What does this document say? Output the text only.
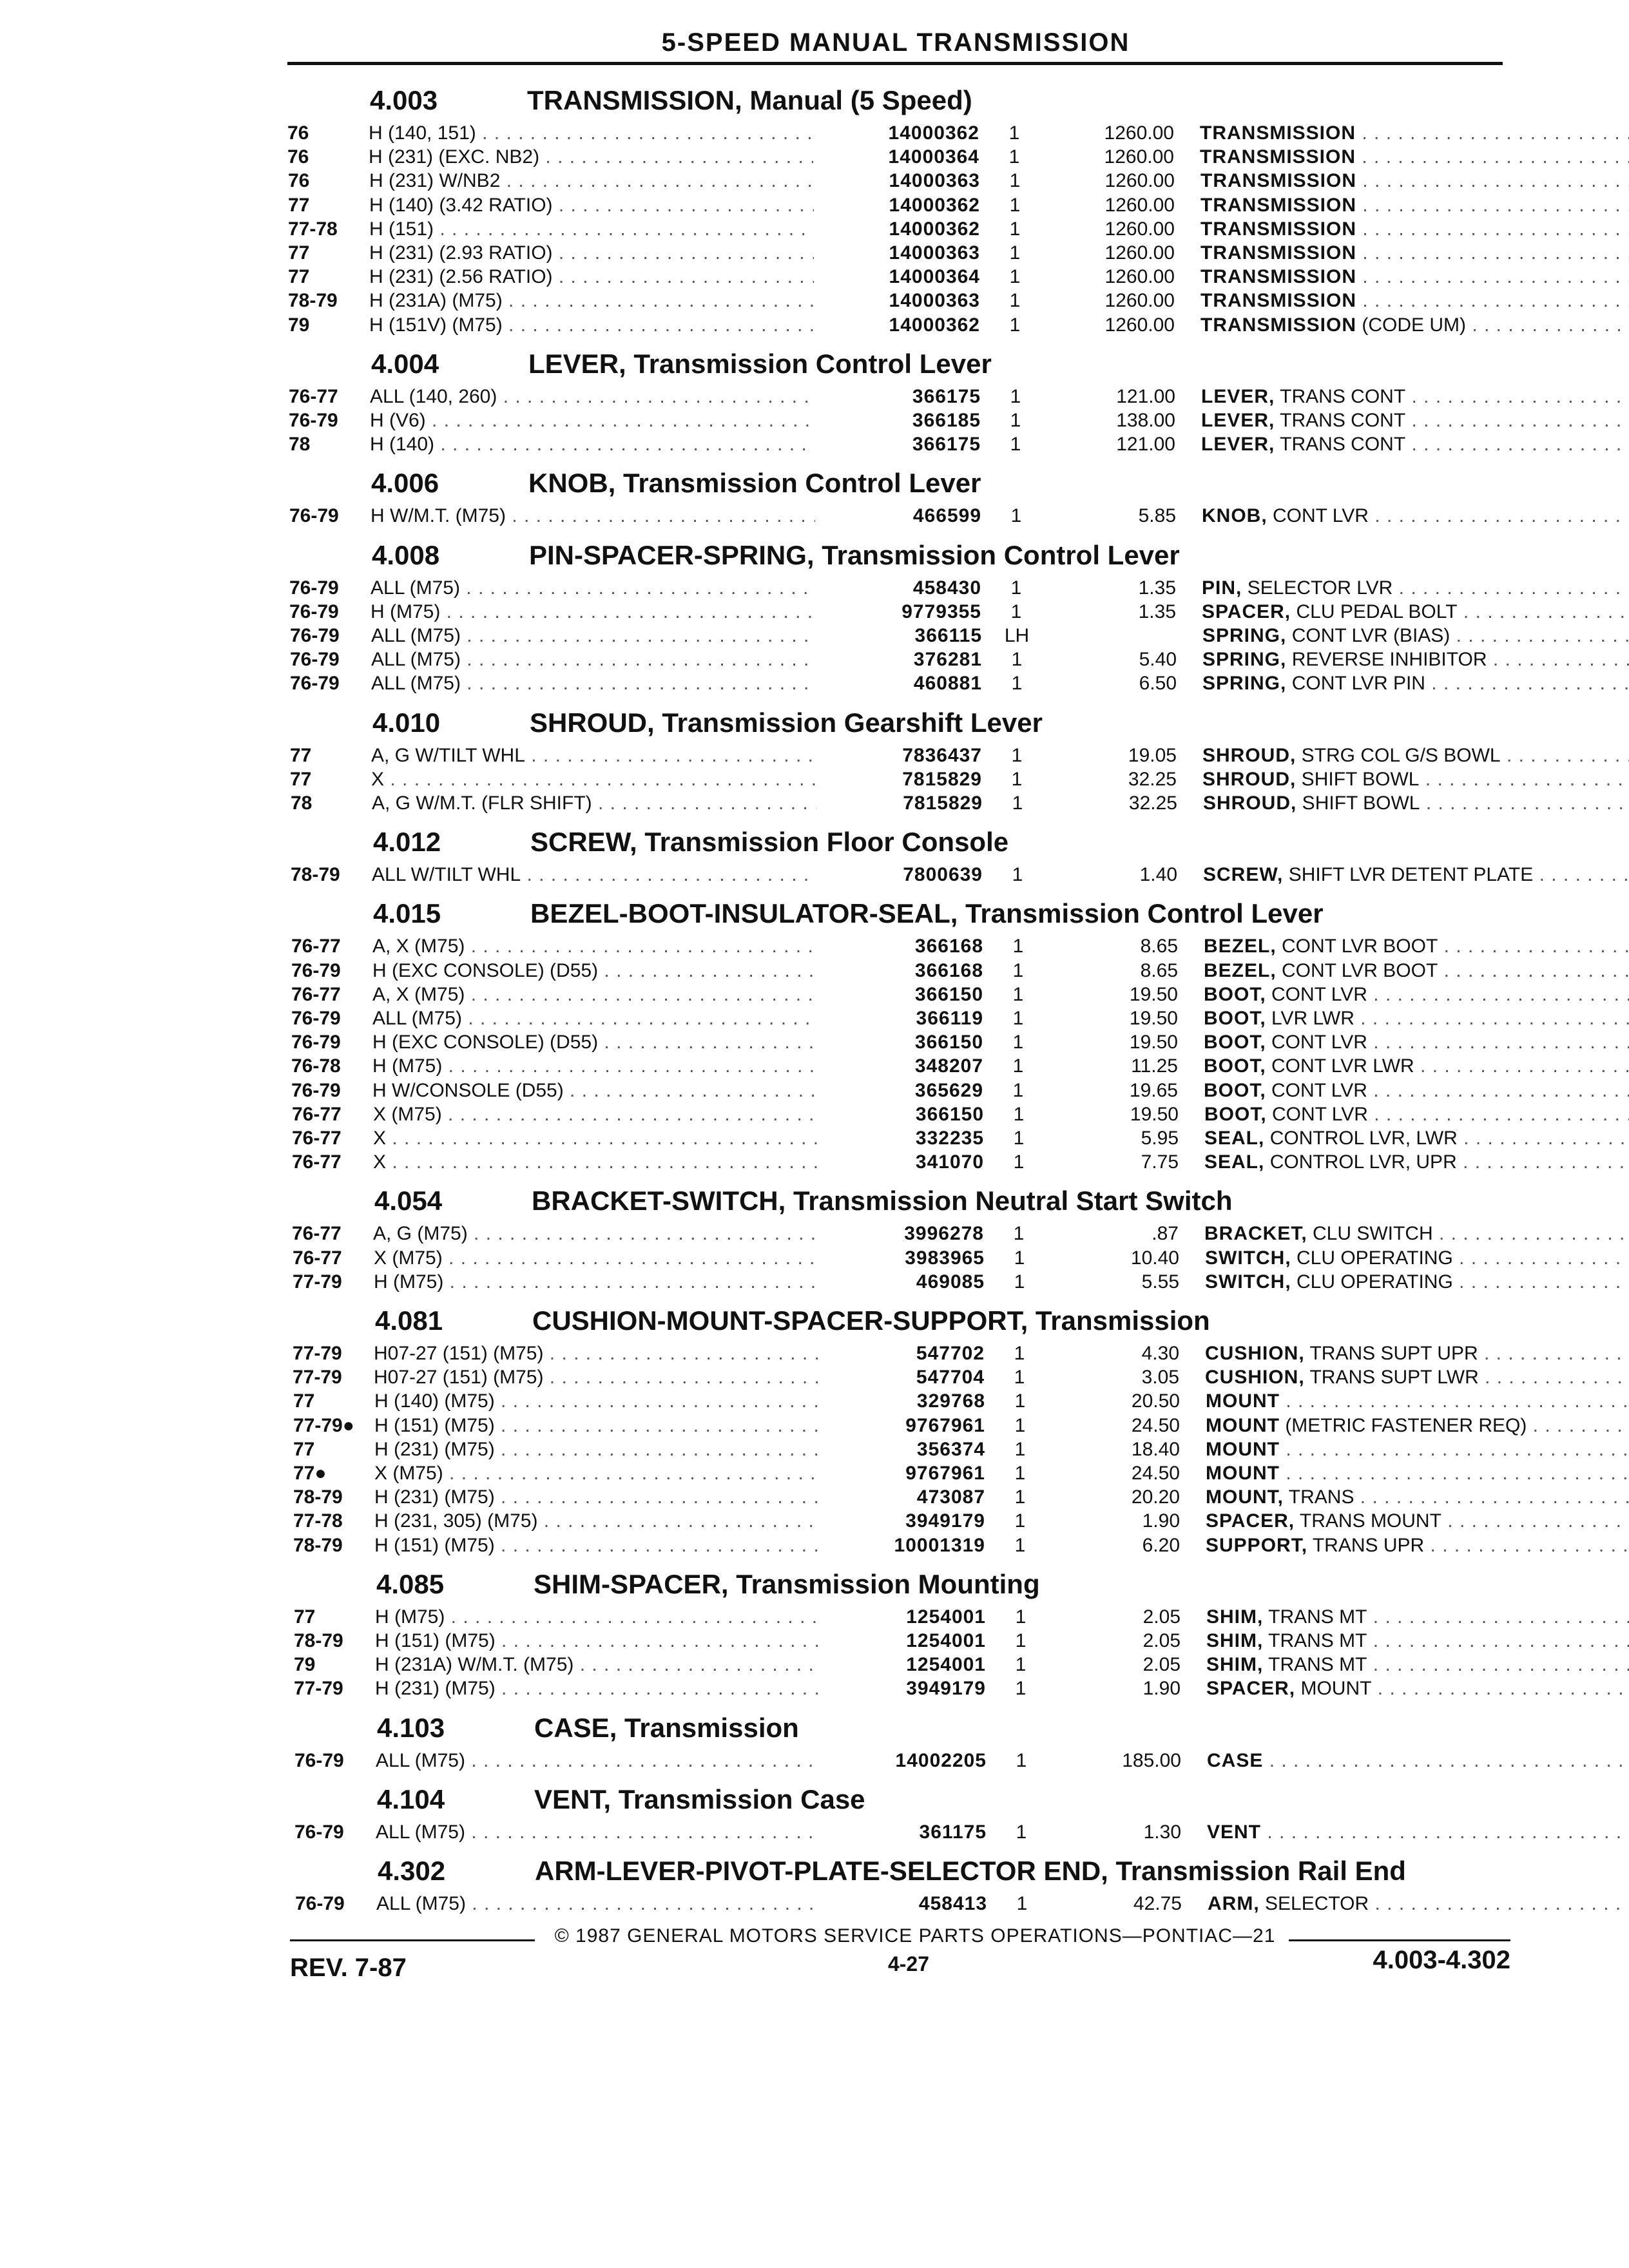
5-SPEED MANUAL TRANSMISSION
4.003	TRANSMISSION, Manual (5 Speed)
76	H (140, 151) . . .	14000362	1	1260.00 TRANSMISSION . . .
76	H (231) (EXC. NB2) . . .	14000364	1	1260.00 TRANSMISSION . . .
76	H (231) W/NB2 . . .	14000363	1	1260.00 TRANSMISSION . . .
77	H (140) (3.42 RATIO) . . .	14000362	1	1260.00 TRANSMISSION . . .
77-78 H (151) . . .	14000362	1	1260.00 TRANSMISSION . . .
77	H (231) (2.93 RATIO) . . .	14000363	1	1260.00 TRANSMISSION . . .
77	H (231) (2.56 RATIO) . . .	14000364	1	1260.00 TRANSMISSION . . .
78-79 H (231A) (M75) . . .	14000363	1	1260.00 TRANSMISSION . . .
79	H (151V) (M75) . . .	14000362	1	1260.00 TRANSMISSION (CODE UM) . . .
4.004	LEVER, Transmission Control Lever
76-77 ALL (140, 260) . . .	366175	1	121.00 LEVER, TRANS CONT . . .
76-79 H (V6) . . .	366185	1	138.00 LEVER, TRANS CONT . . .
78	H (140) . . .	366175	1	121.00 LEVER, TRANS CONT . . .
4.006	KNOB, Transmission Control Lever
76-79 H W/M.T. (M75) . . .	466599	1	5.85 KNOB, CONT LVR . . .
4.008	PIN-SPACER-SPRING, Transmission Control Lever
76-79 ALL (M75) . . .	458430	1	1.35 PIN, SELECTOR LVR . . .
76-79 H (M75) . . .	9779355	1	1.35 SPACER, CLU PEDAL BOLT . . .
76-79 ALL (M75) . . .	366115	LH	SPRING, CONT LVR (BIAS) . . .
76-79 ALL (M75) . . .	376281	1	5.40 SPRING, REVERSE INHIBITOR . . .
76-79 ALL (M75) . . .	460881	1	6.50 SPRING, CONT LVR PIN . . .
4.010	SHROUD, Transmission Gearshift Lever
77	A, G W/TILT WHL . . .	7836437	1	19.05 SHROUD, STRG COL G/S BOWL . . .
77	X . . .	7815829	1	32.25 SHROUD, SHIFT BOWL . . .
78	A, G W/M.T. (FLR SHIFT) . . .	7815829	1	32.25 SHROUD, SHIFT BOWL . . .
4.012	SCREW, Transmission Floor Console
78-79 ALL W/TILT WHL . . .	7800639	1	1.40 SCREW, SHIFT LVR DETENT PLATE . . .
4.015	BEZEL-BOOT-INSULATOR-SEAL, Transmission Control Lever
76-77 A, X (M75) . . .	366168	1	8.65 BEZEL, CONT LVR BOOT . . .
76-79 H (EXC CONSOLE) (D55) . . .	366168	1	8.65 BEZEL, CONT LVR BOOT . . .
76-77 A, X (M75) . . .	366150	1	19.50 BOOT, CONT LVR . . .
76-79 ALL (M75) . . .	366119	1	19.50 BOOT, LVR LWR . . .
76-79 H (EXC CONSOLE) (D55) . . .	366150	1	19.50 BOOT, CONT LVR . . .
76-78 H (M75) . . .	348207	1	11.25 BOOT, CONT LVR LWR . . .
76-79 H W/CONSOLE (D55) . . .	365629	1	19.65 BOOT, CONT LVR . . .
76-77 X (M75) . . .	366150	1	19.50 BOOT, CONT LVR . . .
76-77 X . . .	332235	1	5.95 SEAL, CONTROL LVR, LWR . . .
76-77 X . . .	341070	1	7.75 SEAL, CONTROL LVR, UPR . . .
4.054	BRACKET-SWITCH, Transmission Neutral Start Switch
76-77 A, G (M75) . . .	3996278	1	.87 BRACKET, CLU SWITCH . . .
76-77 X (M75) . . .	3983965	1	10.40 SWITCH, CLU OPERATING . . .
77-79 H (M75) . . .	469085	1	5.55 SWITCH, CLU OPERATING . . .
4.081	CUSHION-MOUNT-SPACER-SUPPORT, Transmission
77-79 H07-27 (151) (M75) . . .	547702	1	4.30 CUSHION, TRANS SUPT UPR . . .
77-79 H07-27 (151) (M75) . . .	547704	1	3.05 CUSHION, TRANS SUPT LWR . . .
77	H (140) (M75) . . .	329768	1	20.50 MOUNT . . .
77-79● H (151) (M75) . . .	9767961	1	24.50 MOUNT (METRIC FASTENER REQ) . . .
77	H (231) (M75) . . .	356374	1	18.40 MOUNT . . .
77● X (M75) . . .	9767961	1	24.50 MOUNT . . .
78-79 H (231) (M75) . . .	473087	1	20.20 MOUNT, TRANS . . .
77-78 H (231, 305) (M75) . . .	3949179	1	1.90 SPACER, TRANS MOUNT . . .
78-79 H (151) (M75) . . .	10001319	1	6.20 SUPPORT, TRANS UPR . . .
4.085	SHIM-SPACER, Transmission Mounting
77	H (M75) . . .	1254001	1	2.05 SHIM, TRANS MT . . .
78-79 H (151) (M75) . . .	1254001	1	2.05 SHIM, TRANS MT . . .
79	H (231A) W/M.T. (M75) . . .	1254001	1	2.05 SHIM, TRANS MT . . .
77-79 H (231) (M75) . . .	3949179	1	1.90 SPACER, MOUNT . . .
4.103	CASE, Transmission
76-79 ALL (M75) . . .	14002205	1	185.00 CASE . . .
4.104	VENT, Transmission Case
76-79 ALL (M75) . . .	361175	1	1.30 VENT . . .
4.302	ARM-LEVER-PIVOT-PLATE-SELECTOR END, Transmission Rail End
76-79 ALL (M75) . . .	458413	1	42.75 ARM, SELECTOR . . .
© 1987 GENERAL MOTORS SERVICE PARTS OPERATIONS—PONTIAC—21
REV. 7-87	4-27	4.003-4.302
